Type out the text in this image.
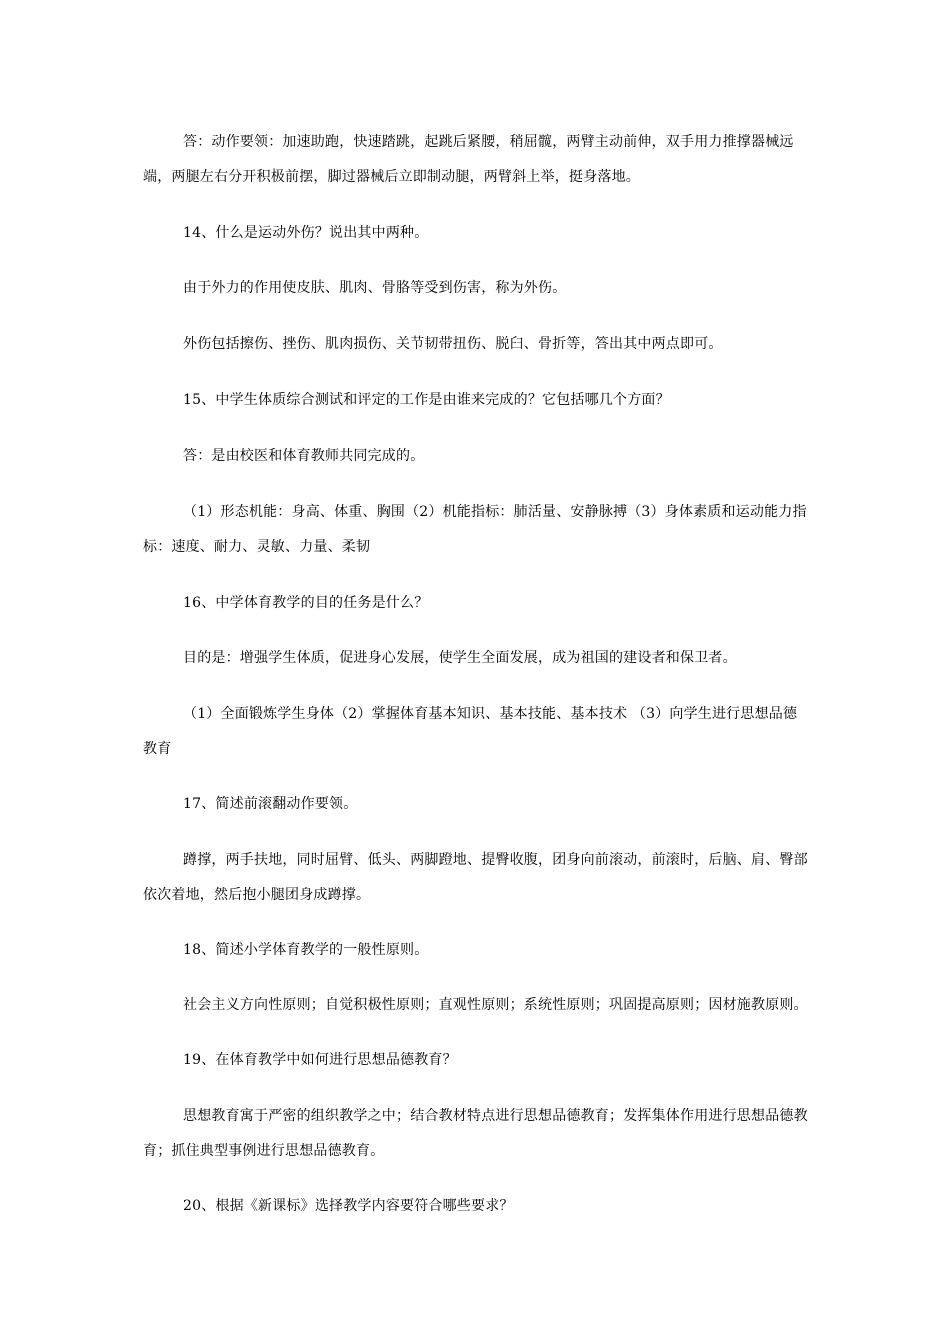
答：动作要领：加速助跑，快速踏跳，起跳后紧腰，稍屈髋，两臂主动前伸，双手用力推撑器械远端，两腿左右分开积极前摆，脚过器械后立即制动腿，两臂斜上举，挺身落地。

14、什么是运动外伤？说出其中两种。

由于外力的作用使皮肤、肌肉、骨胳等受到伤害，称为外伤。

外伤包括擦伤、挫伤、肌肉损伤、关节韧带扭伤、脱臼、骨折等，答出其中两点即可。

15、中学生体质综合测试和评定的工作是由谁来完成的？它包括哪几个方面？

答：是由校医和体育教师共同完成的。

（1）形态机能：身高、体重、胸围（2）机能指标：肺活量、安静脉搏（3）身体素质和运动能力指标：速度、耐力、灵敏、力量、柔韧

16、中学体育教学的目的任务是什么？

目的是：增强学生体质，促进身心发展，使学生全面发展，成为祖国的建设者和保卫者。

（1）全面锻炼学生身体（2）掌握体育基本知识、基本技能、基本技术 （3）向学生进行思想品德教育

17、简述前滚翻动作要领。

蹲撑，两手扶地，同时屈臂、低头、两脚蹬地、提臀收腹，团身向前滚动，前滚时，后脑、肩、臀部依次着地，然后抱小腿团身成蹲撑。

18、简述小学体育教学的一般性原则。

社会主义方向性原则；自觉积极性原则；直观性原则；系统性原则；巩固提高原则；因材施教原则。

19、在体育教学中如何进行思想品德教育？

思想教育寓于严密的组织教学之中；结合教材特点进行思想品德教育；发挥集体作用进行思想品德教育；抓住典型事例进行思想品德教育。

20、根据《新课标》选择教学内容要符合哪些要求？
